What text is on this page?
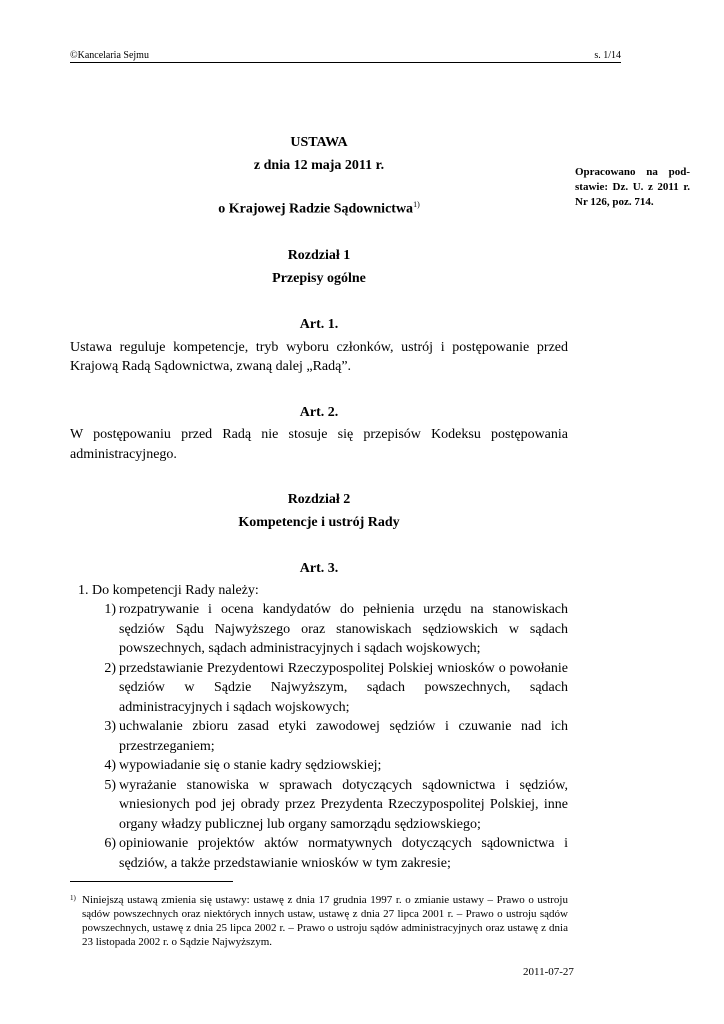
©Kancelaria Sejmu	s. 1/14
Opracowano na pod-stawie: Dz. U. z 2011 r. Nr 126, poz. 714.
USTAWA
z dnia 12 maja 2011 r.
o Krajowej Radzie Sądownictwa$^{1)}$
Rozdział 1
Przepisy ogólne
Art. 1.

Ustawa reguluje kompetencje, tryb wyboru członków, ustrój i postępowanie przed Krajową Radą Sądownictwa, zwaną dalej „Radą”.

Art. 2.

W postępowaniu przed Radą nie stosuje się przepisów Kodeksu postępowania administracyjnego.

Rozdział 2
Kompetencje i ustrój Rady
Art. 3.

1. Do kompetencji Rady należy:

1) rozpatrywanie i ocena kandydatów do pełnienia urzędu na stanowiskach sędziów Sądu Najwyższego oraz stanowiskach sędziowskich w sądach powszechnych, sądach administracyjnych i sądach wojskowych;
2) przedstawianie Prezydentowi Rzeczypospolitej Polskiej wniosków o powołanie sędziów w Sądzie Najwyższym, sądach powszechnych, sądach administracyjnych i sądach wojskowych;
3) uchwalanie zbioru zasad etyki zawodowej sędziów i czuwanie nad ich przestrzeganiem;
4) wypowiadanie się o stanie kadry sędziowskiej;
5) wyrażanie stanowiska w sprawach dotyczących sądownictwa i sędziów, wniesionych pod jej obrady przez Prezydenta Rzeczypospolitej Polskiej, inne organy władzy publicznej lub organy samorządu sędziowskiego;
6) opiniowanie projektów aktów normatywnych dotyczących sądownictwa i sędziów, a także przedstawianie wniosków w tym zakresie;
1) Niniejszą ustawą zmienia się ustawy: ustawę z dnia 17 grudnia 1997 r. o zmianie ustawy – Prawo o ustroju sądów powszechnych oraz niektórych innych ustaw, ustawę z dnia 27 lipca 2001 r. – Prawo o ustroju sądów powszechnych, ustawę z dnia 25 lipca 2002 r. – Prawo o ustroju sądów administracyjnych oraz ustawę z dnia 23 listopada 2002 r. o Sądzie Najwyższym.
2011-07-27
